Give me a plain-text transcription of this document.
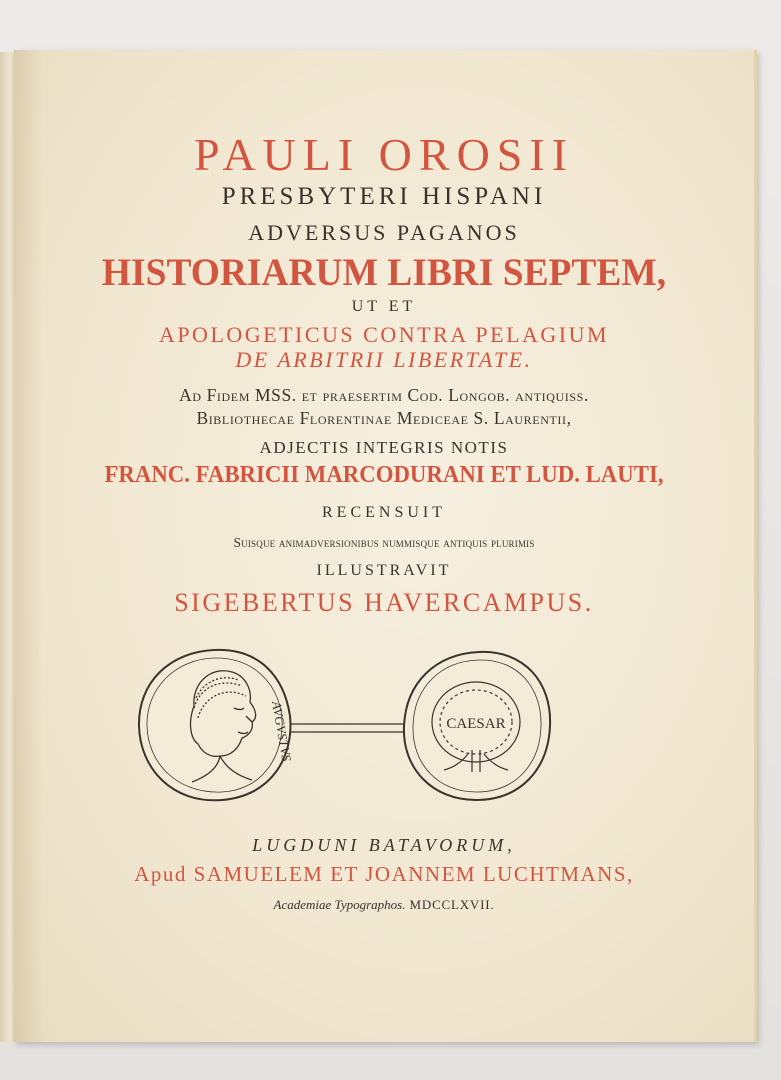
PAULI OROSII
PRESBYTERI HISPANI
ADVERSUS PAGANOS
HISTORIARUM LIBRI SEPTEM,
UT ET
APOLOGETICUS CONTRA PELAGIUM
DE ARBITRII LIBERTATE.
Ad Fidem MSS. et praesertim Cod. Longob. antiquiss.
Bibliothecae Florentinae Mediceae S. Laurentii,
ADJECTIS INTEGRIS NOTIS
FRANC. FABRICII MARCODURANI ET LUD. LAUTI,
RECENSUIT
Suisque animadversionibus nummisque antiquis plurimis
ILLUSTRAVIT
SIGEBERTUS HAVERCAMPUS.
AVGVSTVS	CAESAR
LUGDUNI BATAVORUM,
Apud SAMUELEM ET JOANNEM LUCHTMANS,
Academiae Typographos. MDCCLXVII.
